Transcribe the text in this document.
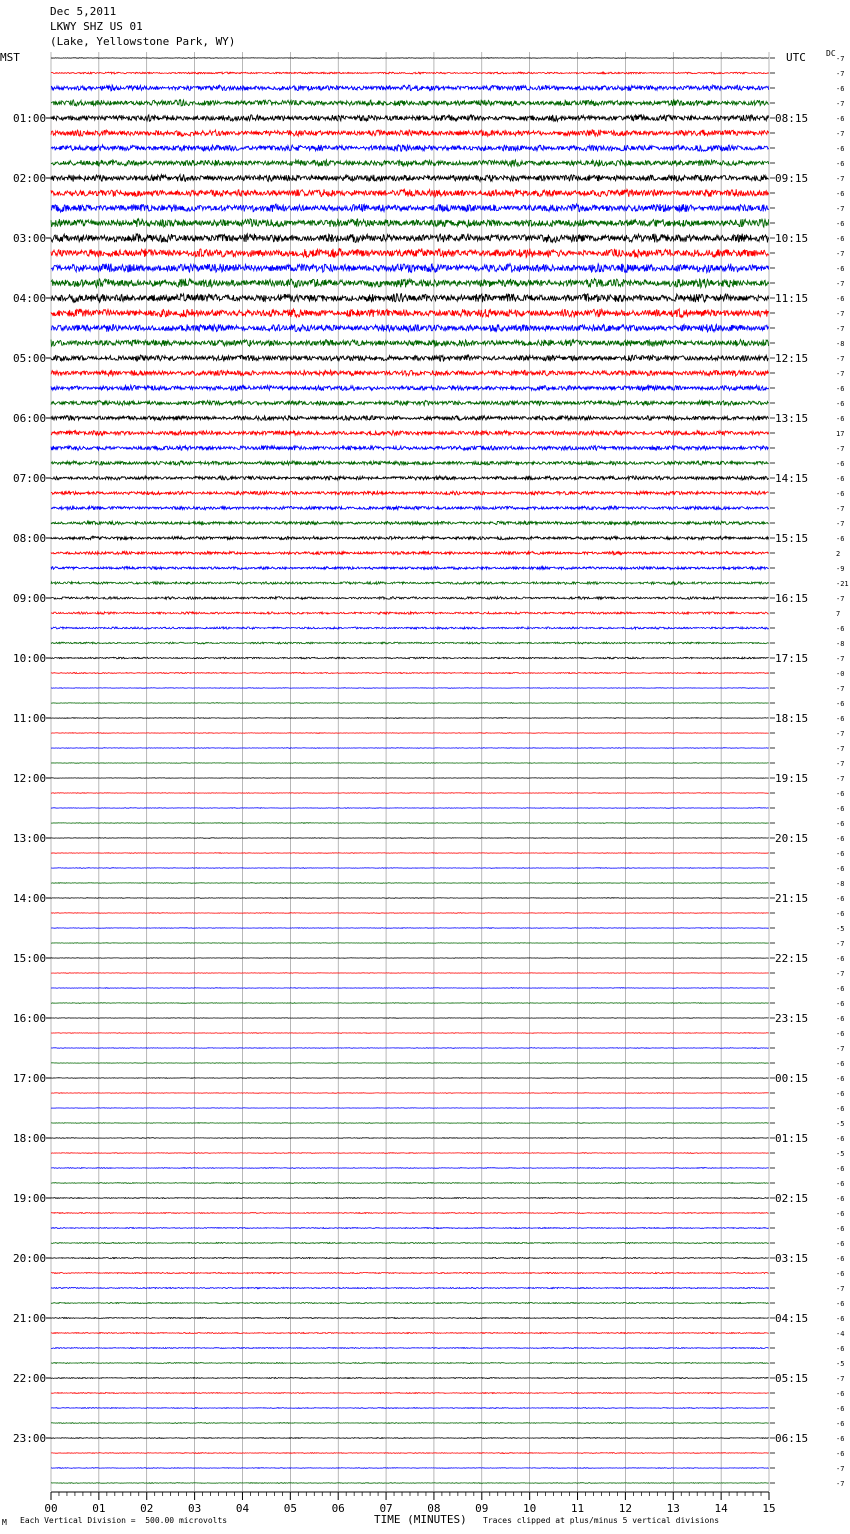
Dec 5,2011
LKWY SHZ US 01
(Lake, Yellowstone Park, WY)
MST	UTC	DC
01:00
02:00
03:00
04:00
05:00
06:00
07:00
08:00
09:00
10:00
11:00
12:00
13:00
14:00
15:00
16:00
17:00
18:00
19:00
20:00
21:00
22:00
23:00
08:15
09:15
10:15
11:15
12:15
13:15
14:15
15:15
16:15
17:15
18:15
19:15
20:15
21:15
22:15
23:15
00:15
01:15
02:15
03:15
04:15
05:15
06:15
-7
-7
-6
-7
-6
-7
-6
-6
-7
-6
-7
-6
-6
-7
-6
-7
-6
-7
-7
-8
-7
-7
-6
-6
-6
17
-7
-6
-6
-6
-7
-7
-6
2
-9
-21
-7
7
-6
-8
-7
-0
-7
-6
-6
-7
-7
-7
-7
-6
-6
-6
-6
-6
-6
-8
-6
-6
-5
-7
-6
-7
-6
-6
-6
-6
-7
-6
-6
-6
-6
-5
-6
-5
-6
-6
-6
-6
-6
-6
-6
-6
-7
-6
-6
-4
-6
-5
-7
-6
-6
-6
-6
-6
-7
-7
00	01	02	03	04	05	06	07	08	09	10	11	12	13	14	15
M Each Vertical Division =  500.00 microvolts	TIME (MINUTES) Traces clipped at plus/minus 5 vertical divisions
